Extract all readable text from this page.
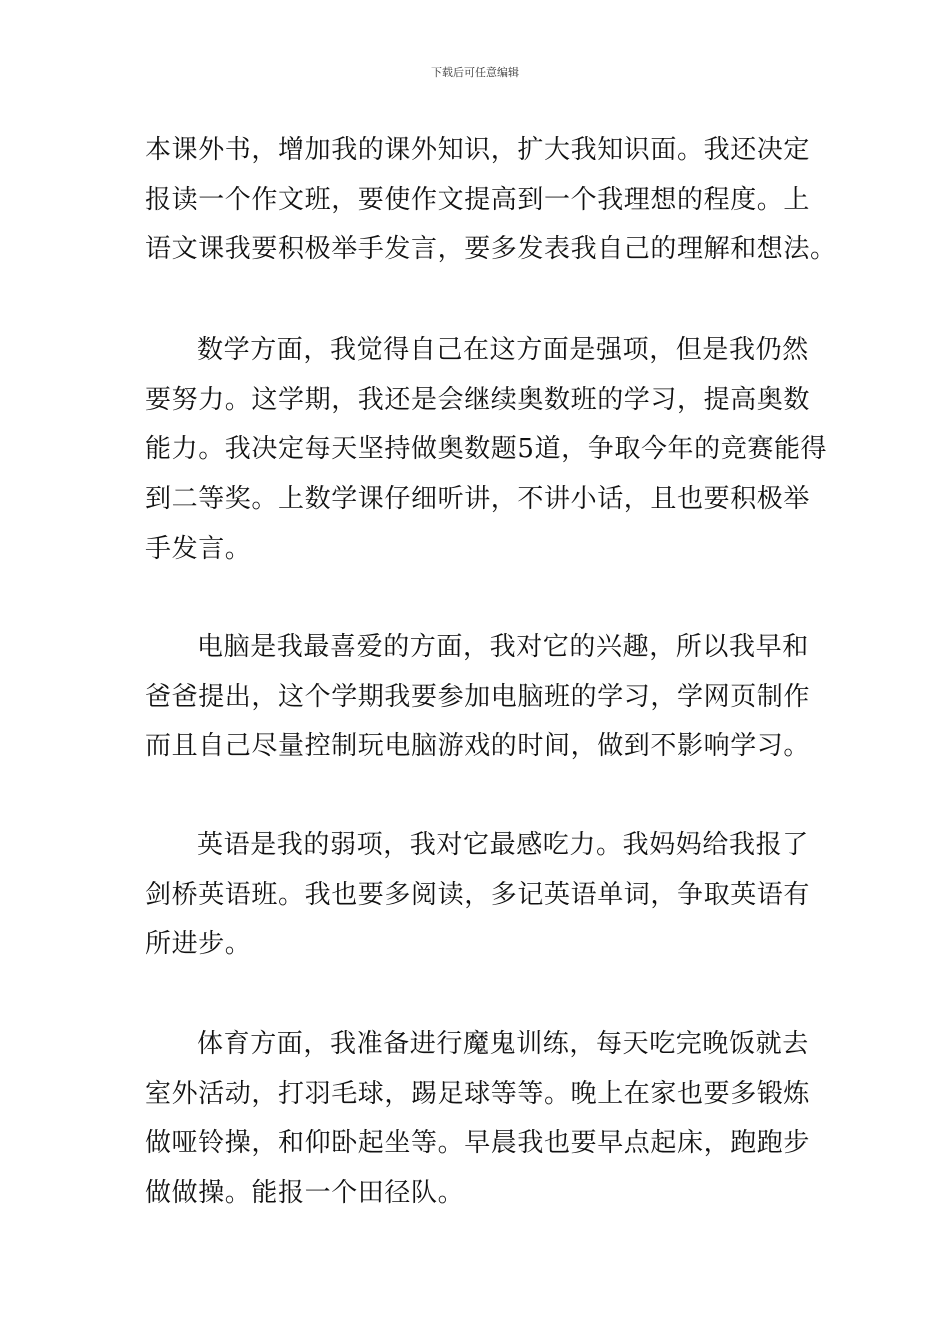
下载后可任意编辑
本课外书，增加我的课外知识，扩大我知识面。我还决定
报读一个作文班，要使作文提高到一个我理想的程度。上
语文课我要积极举手发言，要多发表我自己的理解和想法。
数学方面，我觉得自己在这方面是强项，但是我仍然
要努力。这学期，我还是会继续奥数班的学习，提高奥数
能力。我决定每天坚持做奥数题5道，争取今年的竞赛能得
到二等奖。上数学课仔细听讲，不讲小话，且也要积极举
手发言。
电脑是我最喜爱的方面，我对它的兴趣，所以我早和
爸爸提出，这个学期我要参加电脑班的学习，学网页制作
而且自己尽量控制玩电脑游戏的时间，做到不影响学习。
英语是我的弱项，我对它最感吃力。我妈妈给我报了
剑桥英语班。我也要多阅读，多记英语单词，争取英语有
所进步。
体育方面，我准备进行魔鬼训练，每天吃完晚饭就去
室外活动，打羽毛球，踢足球等等。晚上在家也要多锻炼
做哑铃操，和仰卧起坐等。早晨我也要早点起床，跑跑步
做做操。能报一个田径队。
